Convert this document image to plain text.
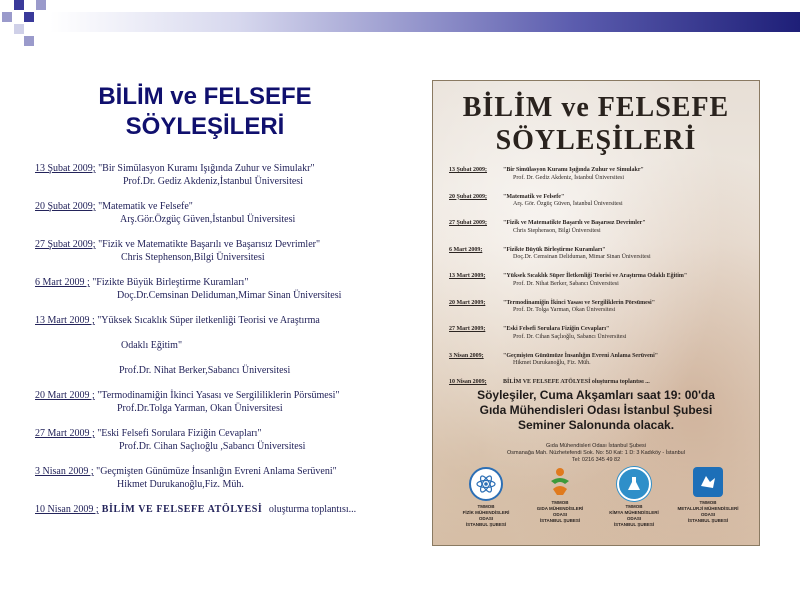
BİLİM ve FELSEFE
SÖYLEŞİLERİ
13 Şubat 2009; "Bir Simülasyon Kuramı Işığında Zuhur ve Simulakr"
Prof.Dr. Gediz Akdeniz,İstanbul Üniversitesi
20 Şubat 2009; "Matematik ve Felsefe"
Arş.Gör.Özgüç Güven,İstanbul Üniversitesi
27 Şubat 2009; "Fizik ve Matematikte Başarılı ve Başarısız Devrimler"
Chris Stephenson,Bilgi Üniversitesi
6 Mart 2009 ; "Fizikte Büyük Birleştirme Kuramları"
Doç.Dr.Cemsinan Deliduman,Mimar Sinan Üniversitesi
13 Mart 2009 ; "Yüksek Sıcaklık Süper iletkenliği Teorisi ve Araştırma
Odaklı Eğitim"
Prof.Dr. Nihat Berker,Sabancı Üniversitesi
20 Mart 2009 ; "Termodinamiğin İkinci Yasası ve Sergililiklerin Pörsümesi"
Prof.Dr.Tolga Yarman, Okan Üniversitesi
27 Mart 2009 ; "Eski Felsefi Sorulara Fiziğin Cevapları"
Prof.Dr. Cihan Saçlıoğlu ,Sabancı Üniversitesi
3 Nisan 2009 ; "Geçmişten Günümüze İnsanlığın Evreni Anlama Serüveni"
Hikmet Durukanoğlu,Fiz. Müh.
10 Nisan 2009 ; BİLİM VE FELSEFE ATÖLYESİ oluşturma toplantısı...
BİLİM ve FELSEFE
SÖYLEŞİLERİ
13 Şubat 2009;	"Bir Simülasyon Kuramı Işığında Zuhur ve Simulakr"
Prof. Dr. Gediz Akdeniz, İstanbul Üniversitesi
20 Şubat 2009;	"Matematik ve Felsefe"
Arş. Gör. Özgüç Güven, İstanbul Üniversitesi
27 Şubat 2009;	"Fizik ve Matematikte Başarılı ve Başarısız Devrimler"
Chris Stephenson, Bilgi Üniversitesi
6 Mart 2009;	"Fizikte Büyük Birleştirme Kuramları"
Doç.Dr. Cemsinan Deliduman, Mimar Sinan Üniversitesi
13 Mart 2009;	"Yüksek Sıcaklık Süper İletkenliği Teorisi ve Araştırma Odaklı Eğitim"
Prof. Dr. Nihat Berker, Sabancı Üniversitesi
20 Mart 2009;	"Termodinamiğin İkinci Yasası ve Sergiliklerin Pörsümesi"
Prof. Dr. Tolga Yarman, Okan Üniversitesi
27 Mart 2009;	"Eski Felsefi Sorulara Fiziğin Cevapları"
Prof. Dr. Cihan Saçlıoğlu, Sabancı Üniversitesi
3 Nisan 2009;	"Geçmişten Günümüze İnsanlığın Evreni Anlama Serüveni"
Hikmet Durukanoğlu, Fiz. Müh.
10 Nisan 2009;	BİLİM VE FELSEFE ATÖLYESİ oluşturma toplantısı ...
Söyleşiler, Cuma Akşamları saat 19: 00'da
Gıda Mühendisleri Odası İstanbul Şubesi
Seminer Salonunda olacak.
Gıda Mühendisleri Odası İstanbul Şubesi
Osmanağa Mah. Nüzhetefendi Sok. No: 50 Kat: 1 D: 3 Kadıköy - İstanbul
Tel: 0216 345 49 82
TMMOB
FİZİK MÜHENDİSLERİ
ODASI
İSTANBUL ŞUBESİ
TMMOB
GIDA MÜHENDİSLERİ
ODASI
İSTANBUL ŞUBESİ
TMMOB
KİMYA MÜHENDİSLERİ
ODASI
İSTANBUL ŞUBESİ
TMMOB
METALURJİ MÜHENDİSLERİ
ODASI
İSTANBUL ŞUBESİ
